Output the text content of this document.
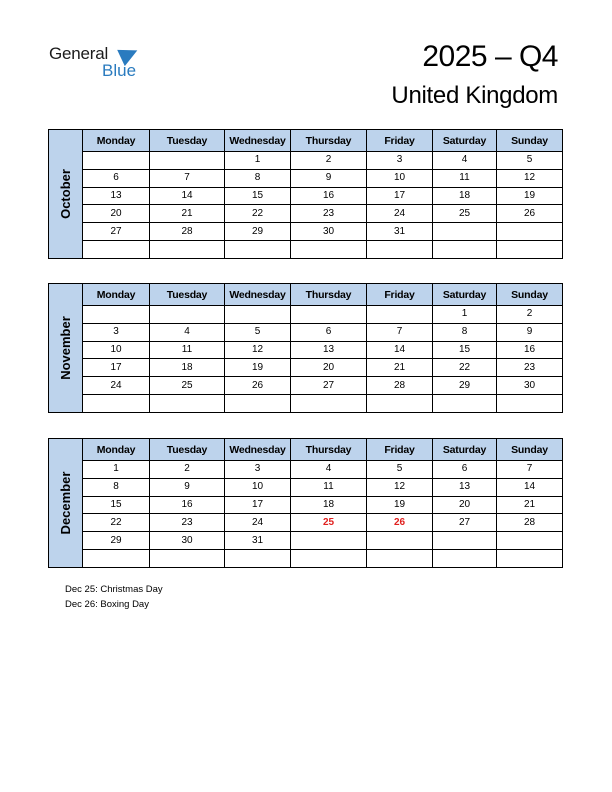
General
Blue	2025 – Q4
United Kingdom
October	Monday	Tuesday	Wednesday	Thursday	Friday	Saturday	Sunday
			1	2	3	4	5
	6	7	8	9	10	11	12
	13	14	15	16	17	18	19
	20	21	22	23	24	25	26
	27	28	29	30	31		

November	Monday	Tuesday	Wednesday	Thursday	Friday	Saturday	Sunday
						1	2
	3	4	5	6	7	8	9
	10	11	12	13	14	15	16
	17	18	19	20	21	22	23
	24	25	26	27	28	29	30

December	Monday	Tuesday	Wednesday	Thursday	Friday	Saturday	Sunday
	1	2	3	4	5	6	7
	8	9	10	11	12	13	14
	15	16	17	18	19	20	21
	22	23	24	25	26	27	28
	29	30	31				

Dec 25: Christmas Day
Dec 26: Boxing Day
